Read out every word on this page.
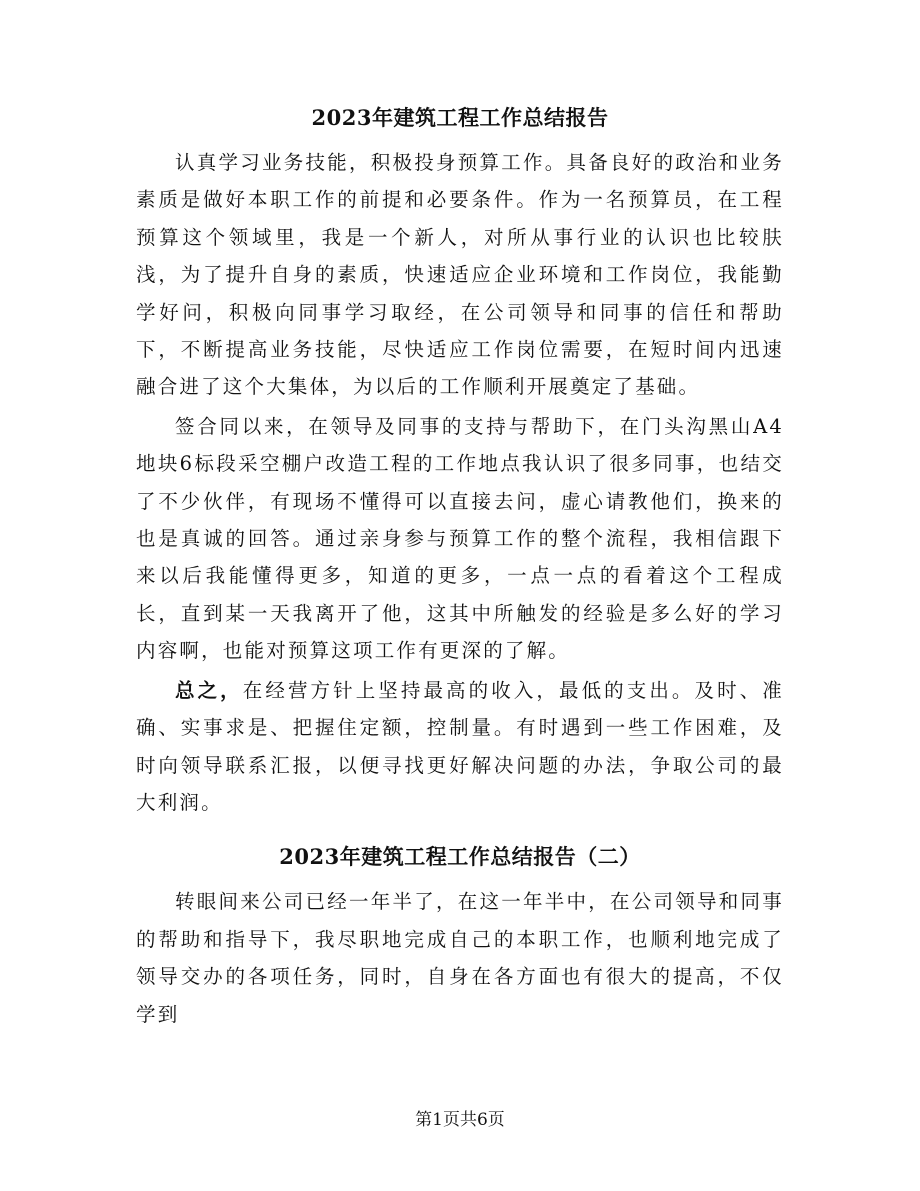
2023年建筑工程工作总结报告

认真学习业务技能，积极投身预算工作。具备良好的政治和业务素质是做好本职工作的前提和必要条件。作为一名预算员，在工程预算这个领域里，我是一个新人，对所从事行业的认识也比较肤浅，为了提升自身的素质，快速适应企业环境和工作岗位，我能勤学好问，积极向同事学习取经，在公司领导和同事的信任和帮助下，不断提高业务技能，尽快适应工作岗位需要，在短时间内迅速融合进了这个大集体，为以后的工作顺利开展奠定了基础。

签合同以来，在领导及同事的支持与帮助下，在门头沟黑山A4地块6标段采空棚户改造工程的工作地点我认识了很多同事，也结交了不少伙伴，有现场不懂得可以直接去问，虚心请教他们，换来的也是真诚的回答。通过亲身参与预算工作的整个流程，我相信跟下来以后我能懂得更多，知道的更多，一点一点的看着这个工程成长，直到某一天我离开了他，这其中所触发的经验是多么好的学习内容啊，也能对预算这项工作有更深的了解。

总之，在经营方针上坚持最高的收入，最低的支出。及时、准确、实事求是、把握住定额，控制量。有时遇到一些工作困难，及时向领导联系汇报，以便寻找更好解决问题的办法，争取公司的最大利润。

2023年建筑工程工作总结报告（二）

转眼间来公司已经一年半了，在这一年半中，在公司领导和同事的帮助和指导下，我尽职地完成自己的本职工作，也顺利地完成了领导交办的各项任务，同时，自身在各方面也有很大的提高，不仅学到

第1页共6页
